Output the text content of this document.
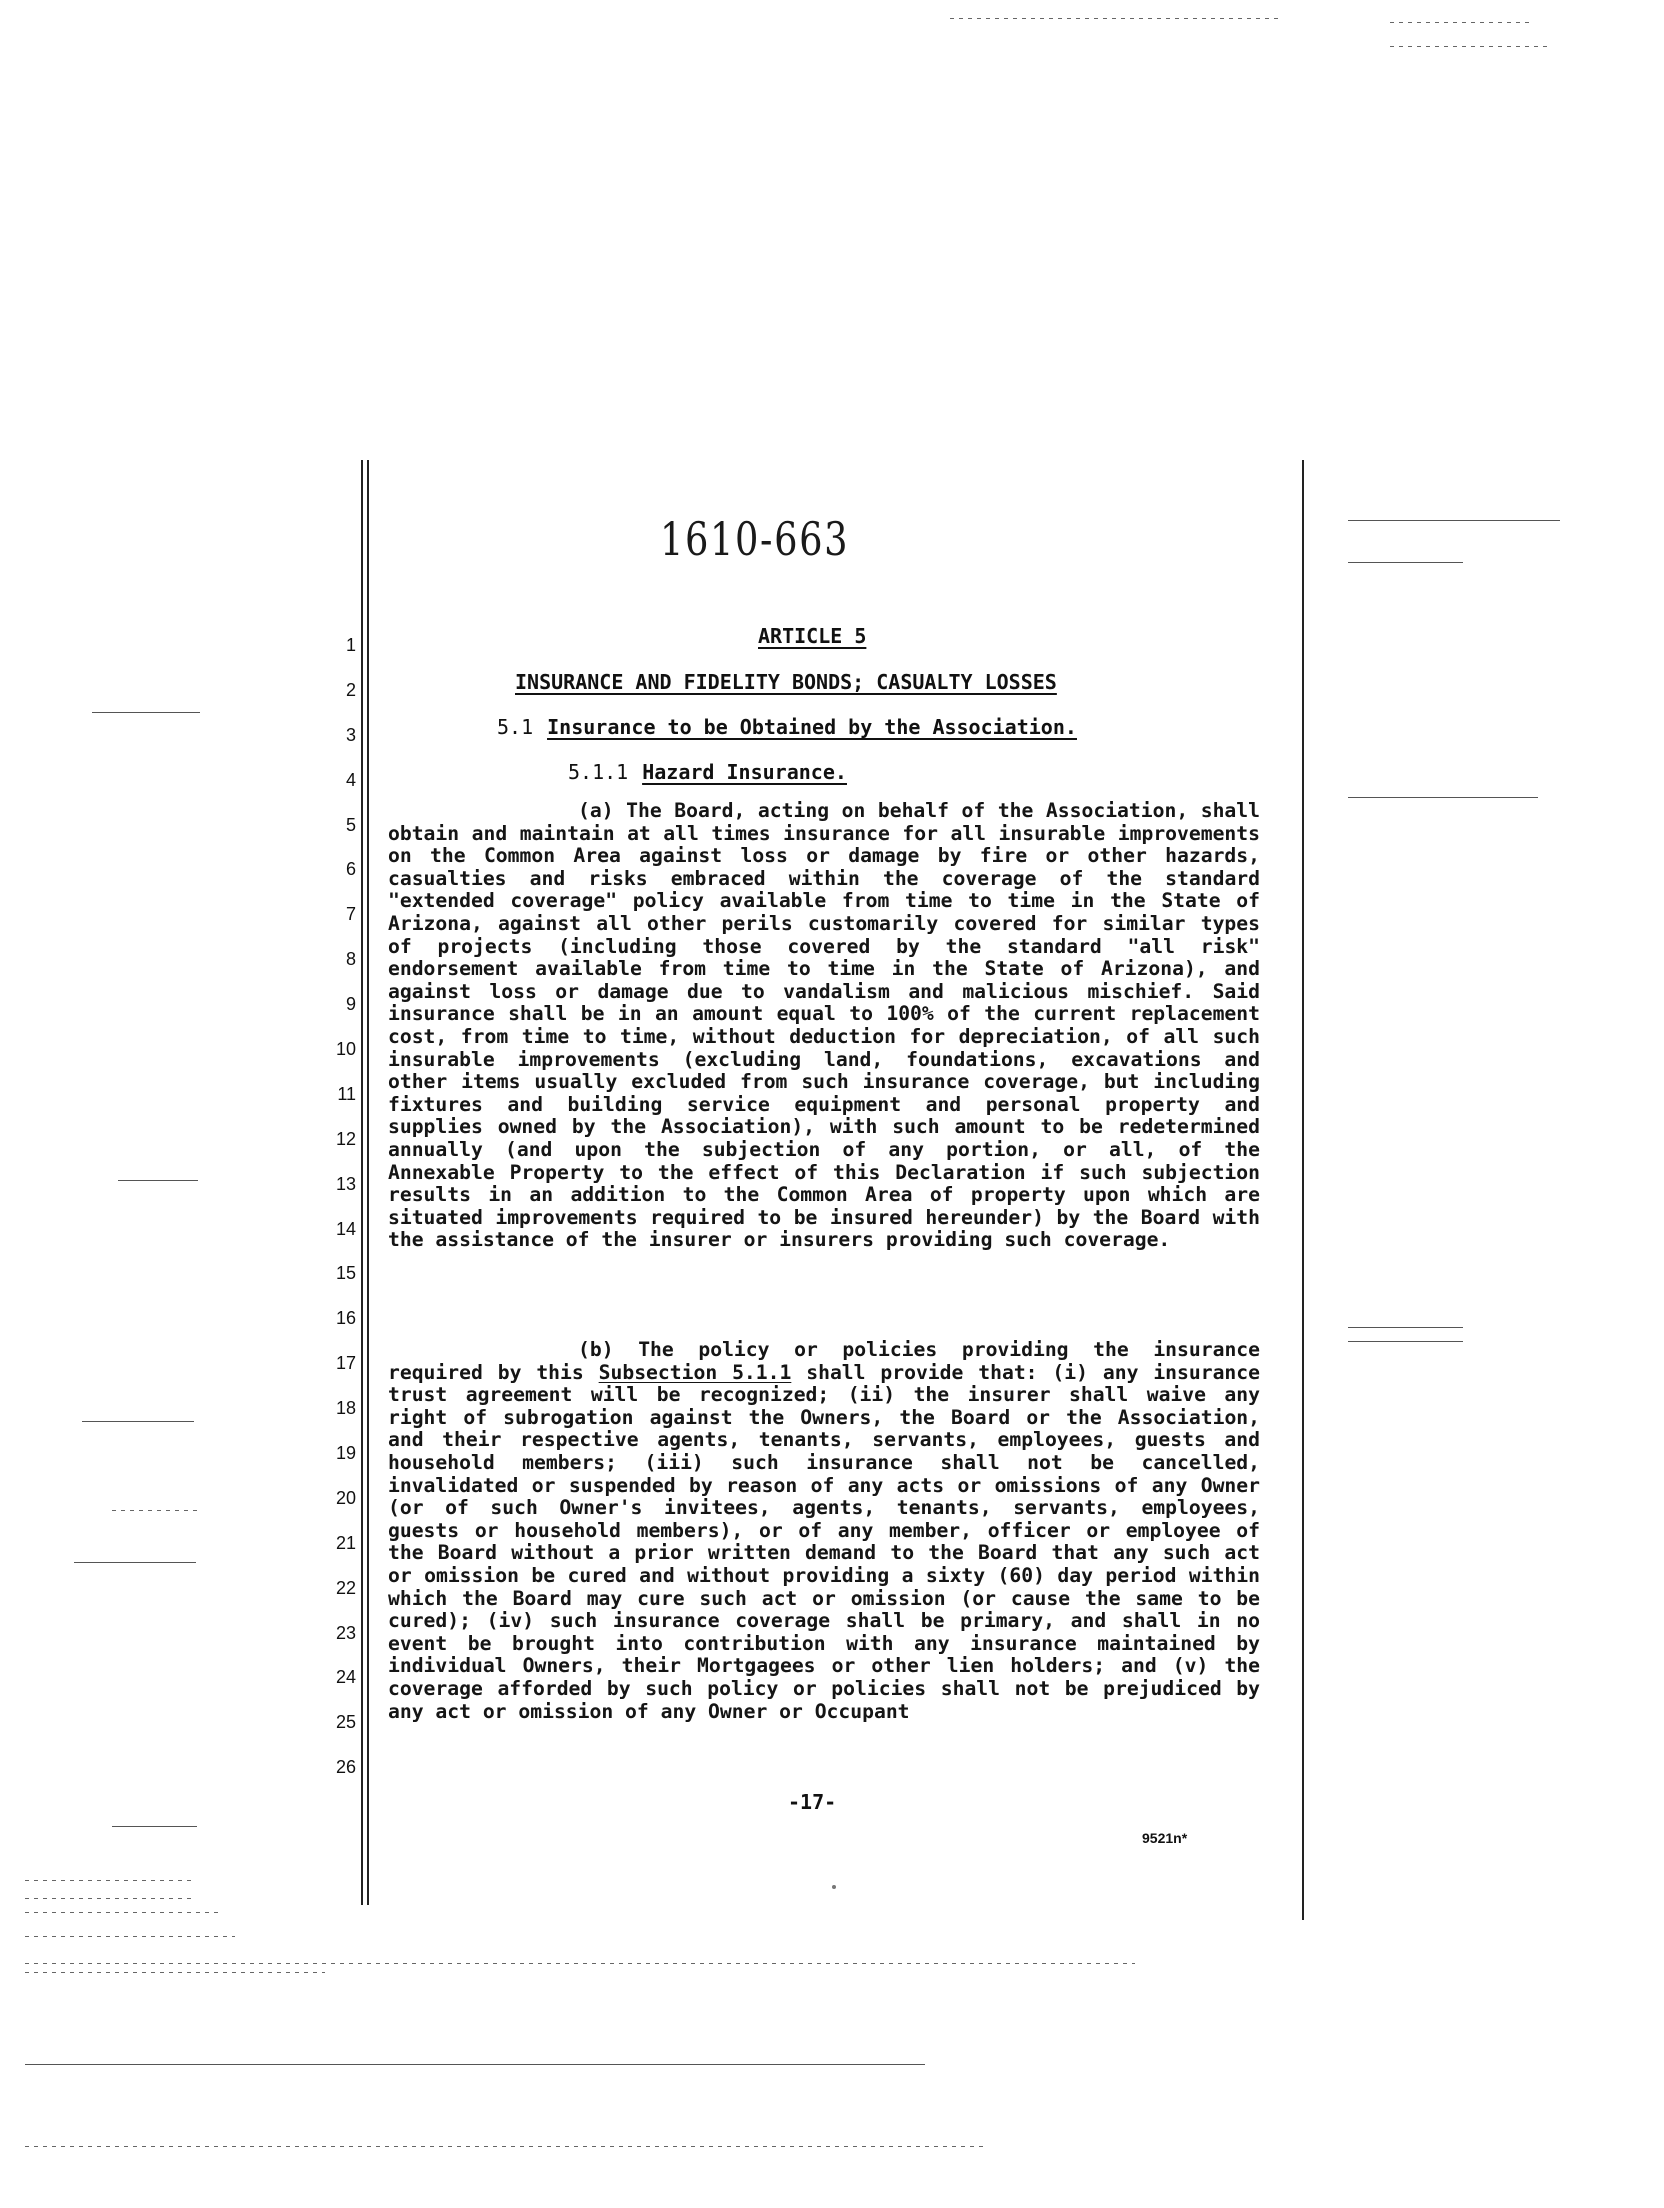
1610-663
ARTICLE 5
INSURANCE AND FIDELITY BONDS; CASUALTY LOSSES
5.1 Insurance to be Obtained by the Association.
5.1.1 Hazard Insurance.
1
2
3
4
5
6
7
8
9
10
11
12
13
14
15
16
17
18
19
20
21
22
23
24
25
26
(a) The Board, acting on behalf of the Association, shall obtain and maintain at all times insurance for all insurable improvements on the Common Area against loss or damage by fire or other hazards, casualties and risks embraced within the coverage of the standard "extended coverage" policy available from time to time in the State of Arizona, against all other perils customarily covered for similar types of projects (including those covered by the standard "all risk" endorsement available from time to time in the State of Arizona), and against loss or damage due to vandalism and malicious mischief. Said insurance shall be in an amount equal to 100% of the current replacement cost, from time to time, without deduction for depreciation, of all such insurable improvements (excluding land, foundations, excavations and other items usually excluded from such insurance coverage, but including fixtures and building service equipment and personal property and supplies owned by the Association), with such amount to be redetermined annually (and upon the subjection of any portion, or all, of the Annexable Property to the effect of this Declaration if such subjection results in an addition to the Common Area of property upon which are situated improvements required to be insured hereunder) by the Board with the assistance of the insurer or insurers providing such coverage.
(b) The policy or policies providing the insurance required by this Subsection 5.1.1 shall provide that: (i) any insurance trust agreement will be recognized; (ii) the insurer shall waive any right of subrogation against the Owners, the Board or the Association, and their respective agents, tenants, servants, employees, guests and household members; (iii) such insurance shall not be cancelled, invalidated or suspended by reason of any acts or omissions of any Owner (or of such Owner's invitees, agents, tenants, servants, employees, guests or household members), or of any member, officer or employee of the Board without a prior written demand to the Board that any such act or omission be cured and without providing a sixty (60) day period within which the Board may cure such act or omission (or cause the same to be cured); (iv) such insurance coverage shall be primary, and shall in no event be brought into contribution with any insurance maintained by individual Owners, their Mortgagees or other lien holders; and (v) the coverage afforded by such policy or policies shall not be prejudiced by any act or omission of any Owner or Occupant
-17-
9521n*
